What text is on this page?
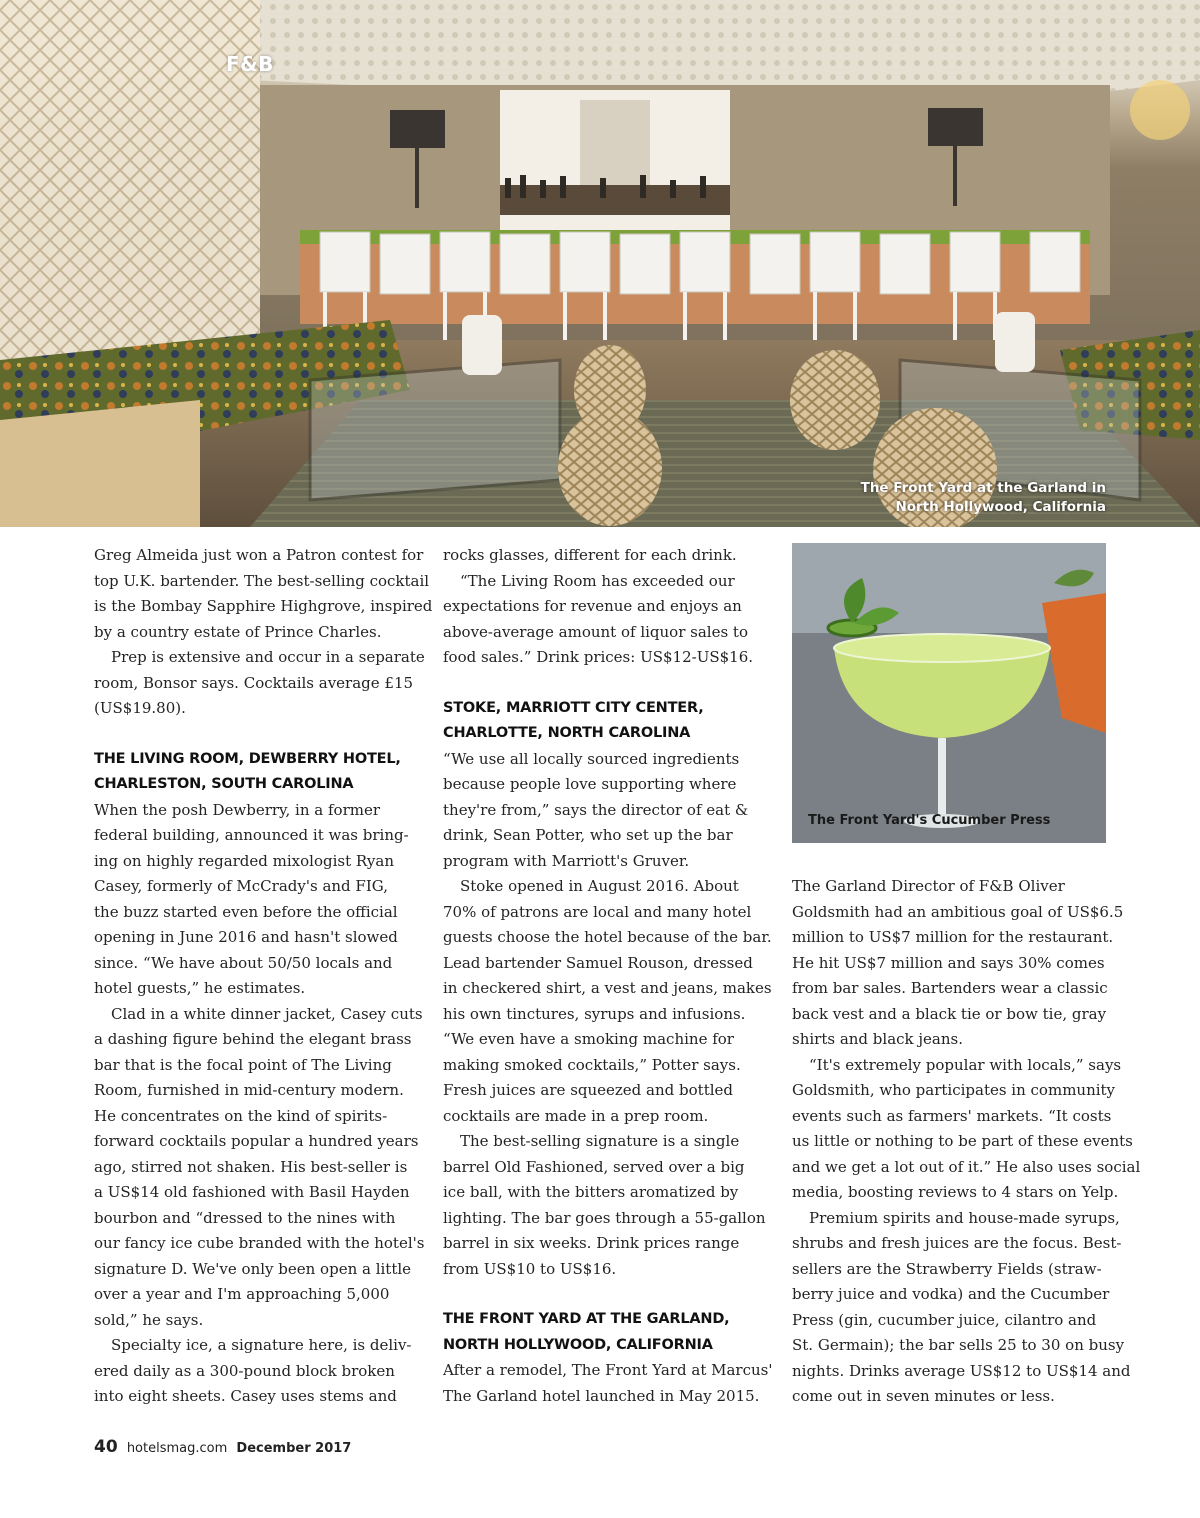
F&B
The Front Yard at the Garland in
North Hollywood, California

Greg Almeida just won a Patron contest for

top U.K. bartender. The best-selling cocktail

is the Bombay Sapphire Highgrove, inspired

by a country estate of Prince Charles.

Prep is extensive and occur in a separate

room, Bonsor says. Cocktails average £15

(US$19.80).

THE LIVING ROOM, DEWBERRY HOTEL,
CHARLESTON, SOUTH CAROLINA

When the posh Dewberry, in a former

federal building, announced it was bring-

ing on highly regarded mixologist Ryan

Casey, formerly of McCrady's and FIG,

the buzz started even before the official

opening in June 2016 and hasn't slowed

since. “We have about 50/50 locals and

hotel guests,” he estimates.

Clad in a white dinner jacket, Casey cuts

a dashing figure behind the elegant brass

bar that is the focal point of The Living

Room, furnished in mid-century modern.

He concentrates on the kind of spirits-

forward cocktails popular a hundred years

ago, stirred not shaken. His best-seller is

a US$14 old fashioned with Basil Hayden

bourbon and “dressed to the nines with

our fancy ice cube branded with the hotel's

signature D. We've only been open a little

over a year and I'm approaching 5,000

sold,” he says.

Specialty ice, a signature here, is deliv-

ered daily as a 300-pound block broken

into eight sheets. Casey uses stems and

rocks glasses, different for each drink.

“The Living Room has exceeded our

expectations for revenue and enjoys an

above-average amount of liquor sales to

food sales.” Drink prices: US$12-US$16.

STOKE, MARRIOTT CITY CENTER,
CHARLOTTE, NORTH CAROLINA

“We use all locally sourced ingredients

because people love supporting where

they're from,” says the director of eat &

drink, Sean Potter, who set up the bar

program with Marriott's Gruver.

Stoke opened in August 2016. About

70% of patrons are local and many hotel

guests choose the hotel because of the bar.

Lead bartender Samuel Rouson, dressed

in checkered shirt, a vest and jeans, makes

his own tinctures, syrups and infusions.

“We even have a smoking machine for

making smoked cocktails,” Potter says.

Fresh juices are squeezed and bottled

cocktails are made in a prep room.

The best-selling signature is a single

barrel Old Fashioned, served over a big

ice ball, with the bitters aromatized by

lighting. The bar goes through a 55-gallon

barrel in six weeks. Drink prices range

from US$10 to US$16.

THE FRONT YARD AT THE GARLAND,
NORTH HOLLYWOOD, CALIFORNIA

After a remodel, The Front Yard at Marcus'

The Garland hotel launched in May 2015.

The Front Yard's Cucumber Press

The Garland Director of F&B Oliver

Goldsmith had an ambitious goal of US$6.5

million to US$7 million for the restaurant.

He hit US$7 million and says 30% comes

from bar sales. Bartenders wear a classic

back vest and a black tie or bow tie, gray

shirts and black jeans.

“It's extremely popular with locals,” says

Goldsmith, who participates in community

events such as farmers' markets. “It costs

us little or nothing to be part of these events

and we get a lot out of it.” He also uses social

media, boosting reviews to 4 stars on Yelp.

Premium spirits and house-made syrups,

shrubs and fresh juices are the focus. Best-

sellers are the Strawberry Fields (straw-

berry juice and vodka) and the Cucumber

Press (gin, cucumber juice, cilantro and

St. Germain); the bar sells 25 to 30 on busy

nights. Drinks average US$12 to US$14 and

come out in seven minutes or less.

40 hotelsmag.com December 2017
